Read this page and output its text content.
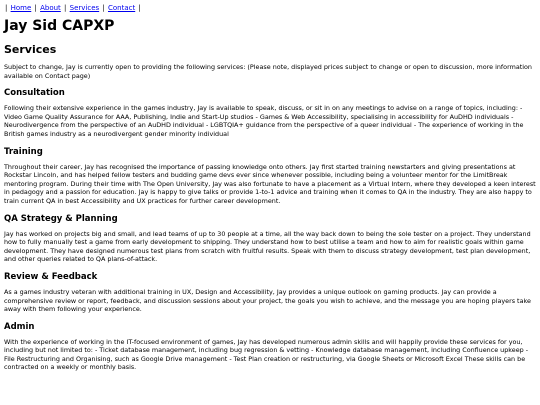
| Home | About | Services | Contact |
Jay Sid CAPXP
Services

Subject to change, Jay is currently open to providing the following services: (Please note, displayed prices subject to change or open to discussion, more information available on Contact page)

Consultation

Following their extensive experience in the games industry, Jay is available to speak, discuss, or sit in on any meetings to advise on a range of topics, including: - Video Game Quality Assurance for AAA, Publishing, Indie and Start-Up studios - Games & Web Accessibility, specialising in accessibility for AuDHD individuals - Neurodivergence from the perspective of an AuDHD individual - LGBTQIA+ guidance from the perspective of a queer individual - The experience of working in the British games industry as a neurodivergent gender minority individual

Training

Throughout their career, Jay has recognised the importance of passing knowledge onto others. Jay first started training newstarters and giving presentations at Rockstar Lincoln, and has helped fellow testers and budding game devs ever since whenever possible, including being a volunteer mentor for the LimitBreak mentoring program. During their time with The Open University, Jay was also fortunate to have a placement as a Virtual Intern, where they developed a keen interest in pedagogy and a passion for education. Jay is happy to give talks or provide 1-to-1 advice and training when it comes to QA in the industry. They are also happy to train current QA in best Accessibility and UX practices for further career development.

QA Strategy & Planning

Jay has worked on projects big and small, and lead teams of up to 30 people at a time, all the way back down to being the sole tester on a project. They understand how to fully manually test a game from early development to shipping. They understand how to best utilise a team and how to aim for realistic goals within game development. They have designed numerous test plans from scratch with fruitful results. Speak with them to discuss strategy development, test plan development, and other queries related to QA plans-of-attack.

Review & Feedback

As a games industry veteran with additional training in UX, Design and Accessibility, Jay provides a unique outlook on gaming products. Jay can provide a comprehensive review or report, feedback, and discussion sessions about your project, the goals you wish to achieve, and the message you are hoping players take away with them following your experience.

Admin

With the experience of working in the IT-focused environment of games, Jay has developed numerous admin skills and will happily provide these services for you, including but not limited to: - Ticket database management, including bug regression & vetting - Knowledge database management, including Confluence upkeep - File Restructuring and Organising, such as Google Drive management - Test Plan creation or restructuring, via Google Sheets or Microsoft Excel These skills can be contracted on a weekly or monthly basis.
